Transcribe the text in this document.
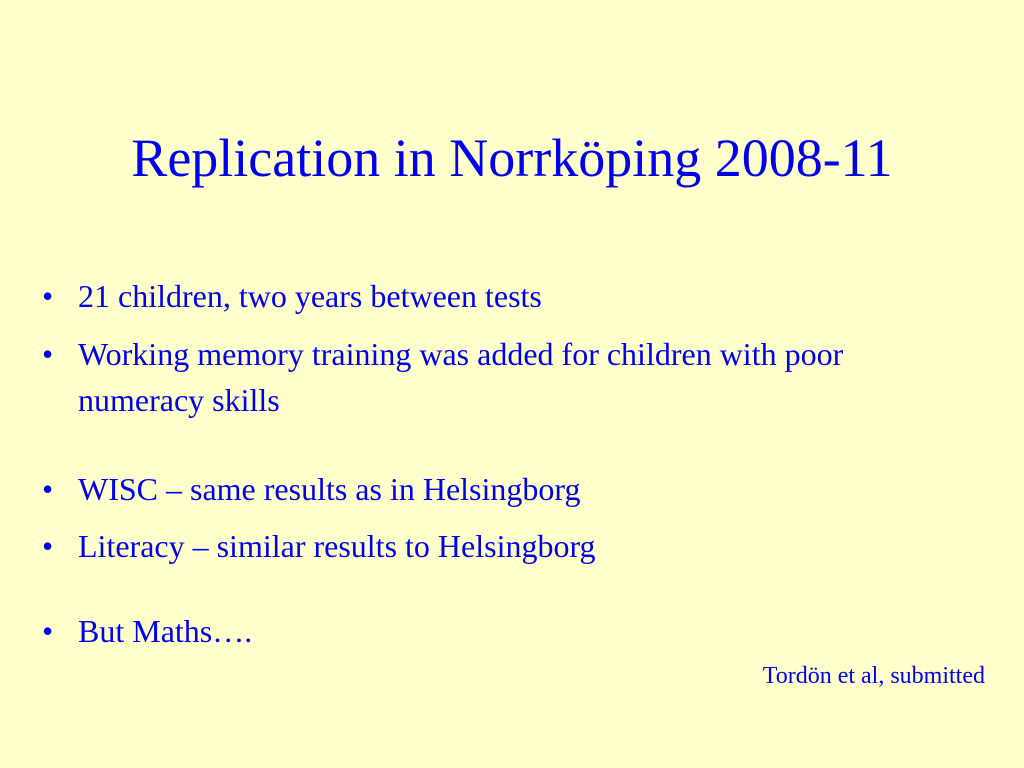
Replication in Norrköping 2008-11
• 21 children, two years between tests
• Working memory training was added for children with poor numeracy skills
• WISC – same results as in Helsingborg
• Literacy – similar results to Helsingborg
• But Maths….
Tordön et al, submitted
